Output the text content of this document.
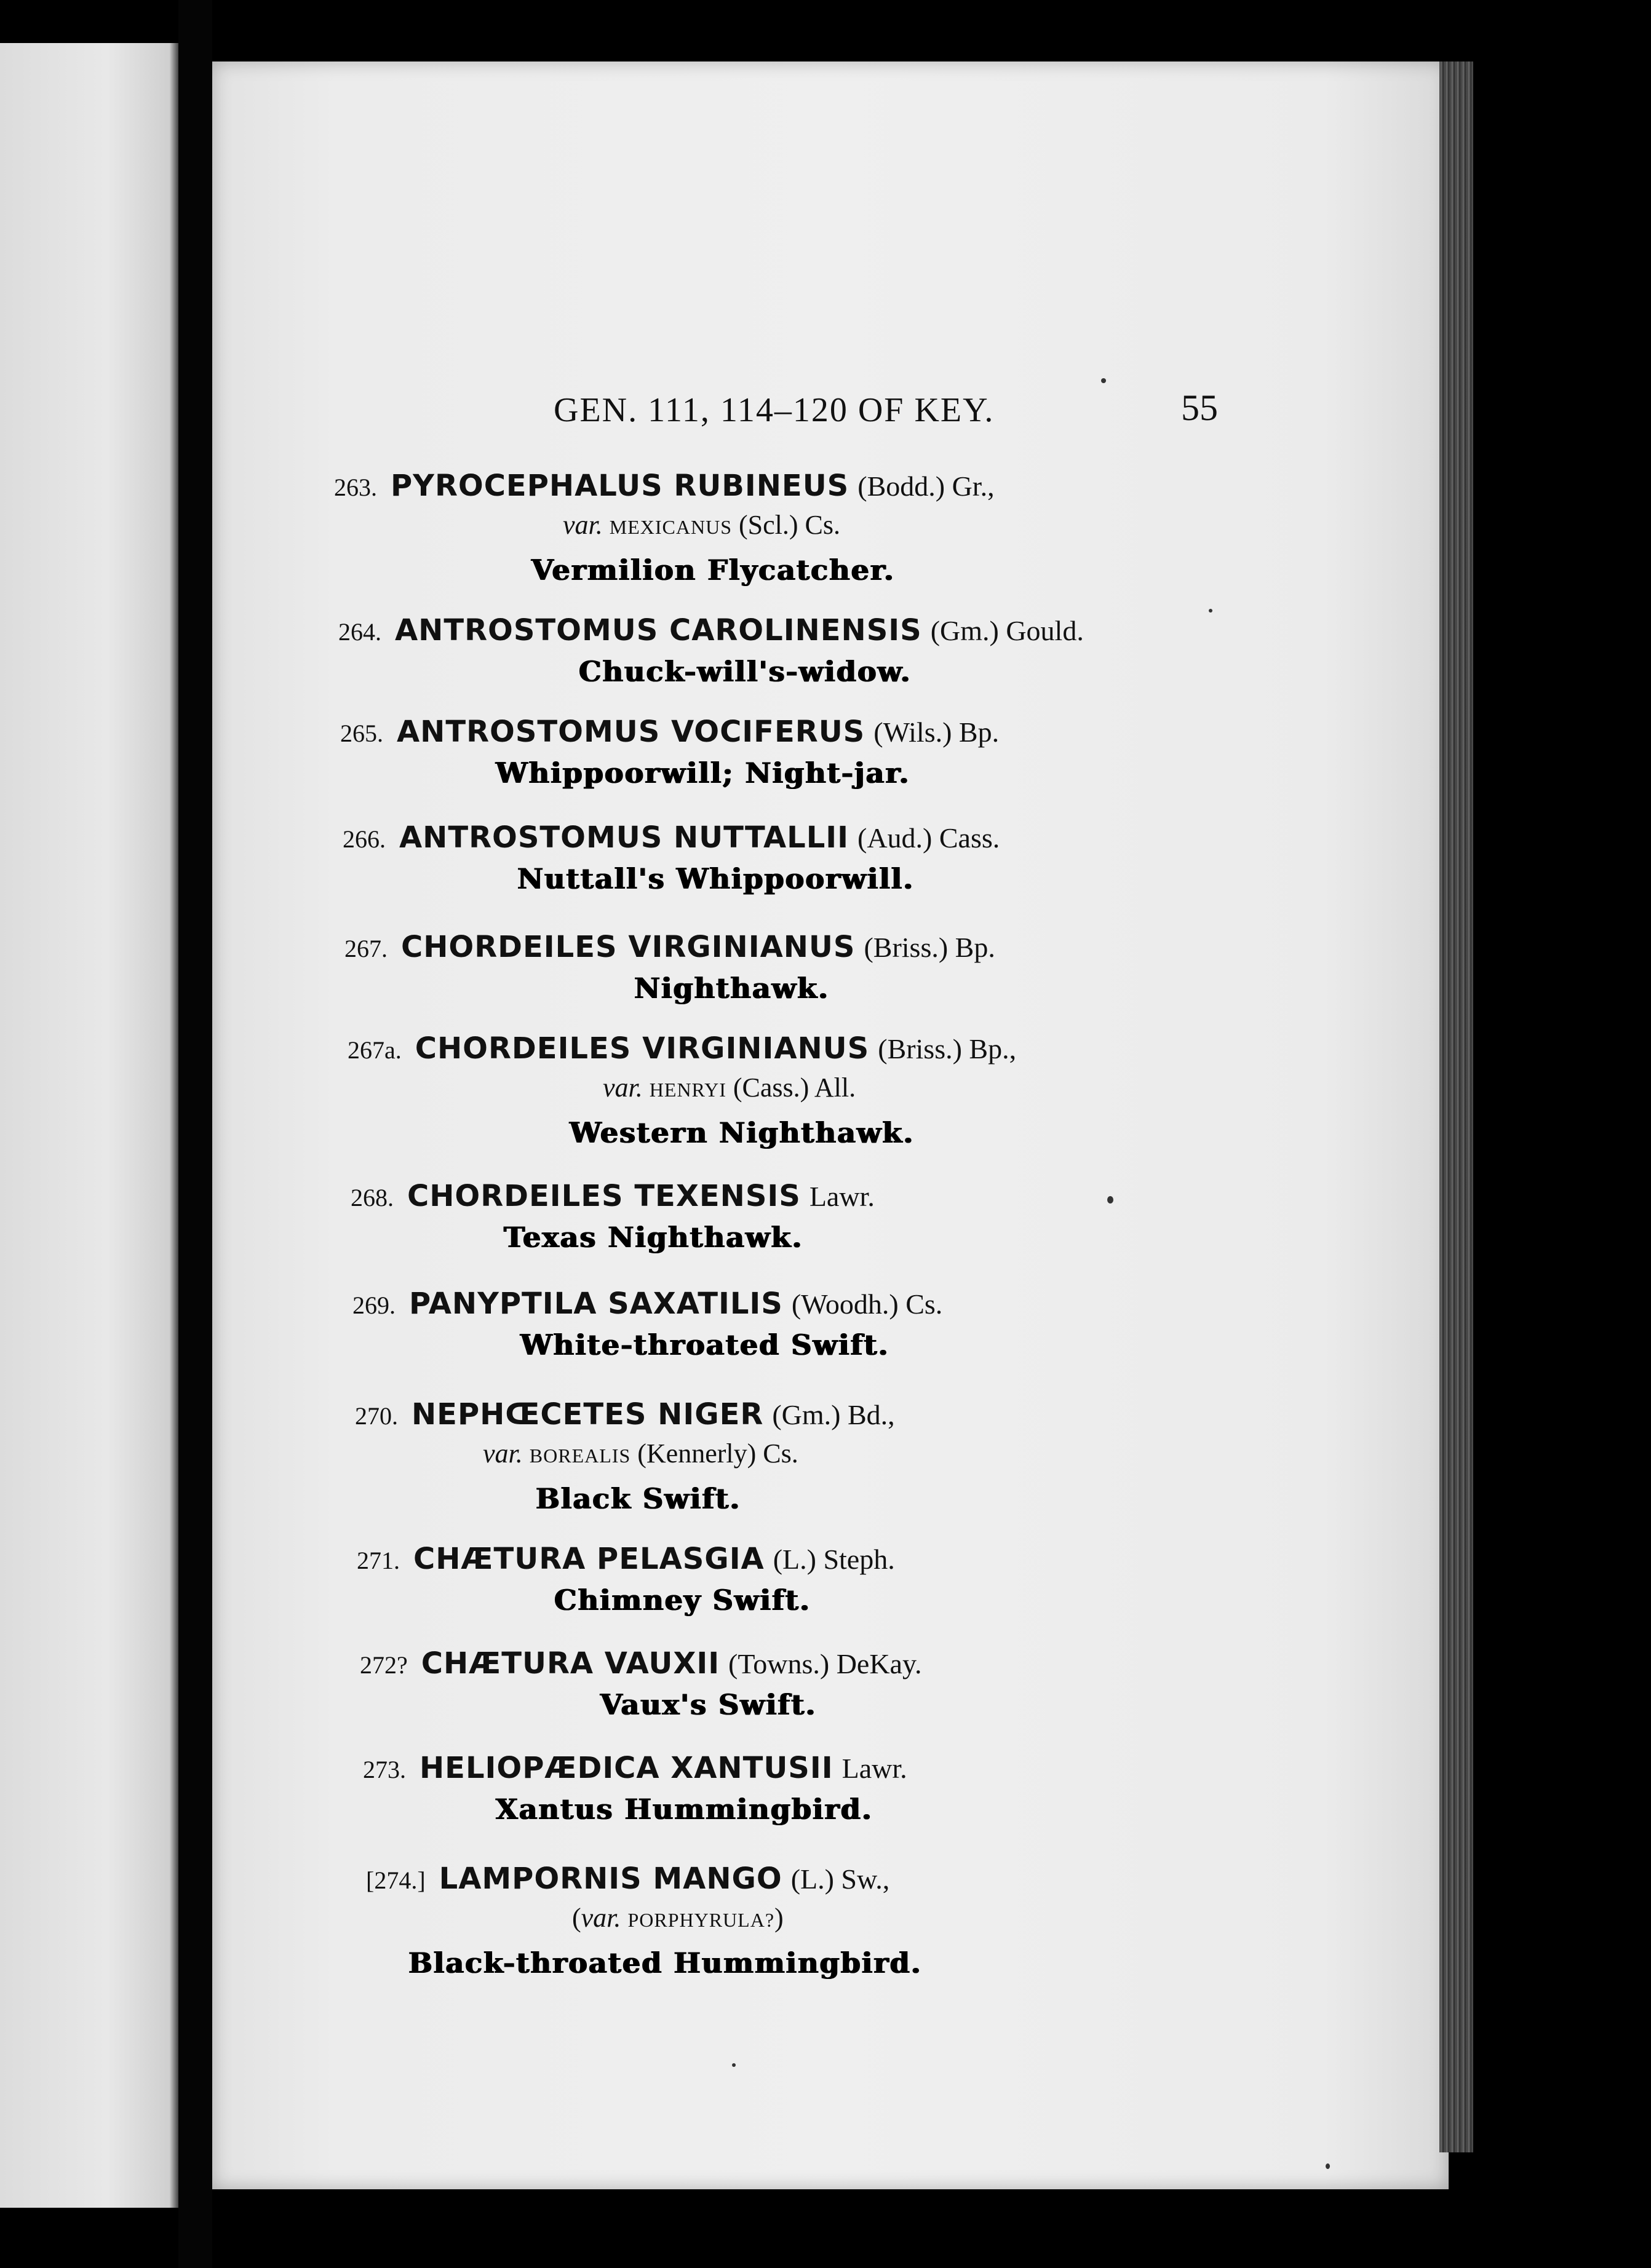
GEN. 111, 114–120 OF KEY.	55
263. PYROCEPHALUS RUBINEUS (Bodd.) Gr.,
var. MEXICANUS (Scl.) Cs.
Vermilion Flycatcher.
264. ANTROSTOMUS CAROLINENSIS (Gm.) Gould.
Chuck-will's-widow.
265. ANTROSTOMUS VOCIFERUS (Wils.) Bp.
Whippoorwill; Night-jar.
266. ANTROSTOMUS NUTTALLII (Aud.) Cass.
Nuttall's Whippoorwill.
267. CHORDEILES VIRGINIANUS (Briss.) Bp.
Nighthawk.
267a. CHORDEILES VIRGINIANUS (Briss.) Bp.,
var. HENRYI (Cass.) All.
Western Nighthawk.
268. CHORDEILES TEXENSIS Lawr.
Texas Nighthawk.
269. PANYPTILA SAXATILIS (Woodh.) Cs.
White-throated Swift.
270. NEPHŒCETES NIGER (Gm.) Bd.,
var. BOREALIS (Kennerly) Cs.
Black Swift.
271. CHÆTURA PELASGIA (L.) Steph.
Chimney Swift.
272? CHÆTURA VAUXII (Towns.) DeKay.
Vaux's Swift.
273. HELIOPÆDICA XANTUSII Lawr.
Xantus Hummingbird.
[274.] LAMPORNIS MANGO (L.) Sw.,
(var. PORPHYRULA?)
Black-throated Hummingbird.
